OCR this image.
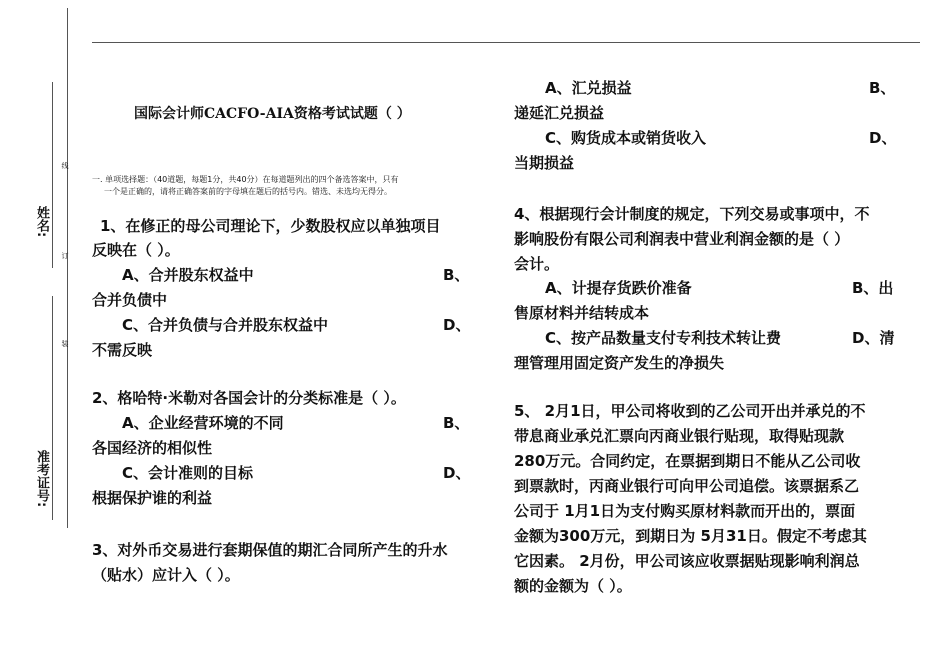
姓名:
准考证号:
线
订
装
国际会计师CACFO-AIA资格考试试题（ ）
一. 单项选择题：（40道题，每题1分，共40分）在每道题列出的四个备选答案中，只有
一个是正确的，请将正确答案前的字母填在题后的括号内。错选、未选均无得分。
1、在修正的母公司理论下，少数股权应以单独项目
反映在（ ）。
A、合并股东权益中	B、
合并负债中
C、合并负债与合并股东权益中	D、
不需反映
2、格哈特·米勒对各国会计的分类标准是（ ）。
A、企业经营环境的不同	B、
各国经济的相似性
C、会计准则的目标	D、
根据保护谁的利益
3、对外币交易进行套期保值的期汇合同所产生的升水
（贴水）应计入（ ）。
A、汇兑损益	B、
递延汇兑损益
C、购货成本或销货收入	D、
当期损益
4、根据现行会计制度的规定，下列交易或事项中，不
影响股份有限公司利润表中营业利润金额的是（ ）
会计。
A、计提存货跌价准备	B、出
售原材料并结转成本
C、按产品数量支付专利技术转让费	D、清
理管理用固定资产发生的净损失
5、 2月1日，甲公司将收到的乙公司开出并承兑的不
带息商业承兑汇票向丙商业银行贴现，取得贴现款
280万元。合同约定，在票据到期日不能从乙公司收
到票款时，丙商业银行可向甲公司追偿。该票据系乙
公司于 1月1日为支付购买原材料款而开出的，票面
金额为300万元，到期日为 5月31日。假定不考虑其
它因素。 2月份，甲公司该应收票据贴现影响利润总
额的金额为（ ）。
